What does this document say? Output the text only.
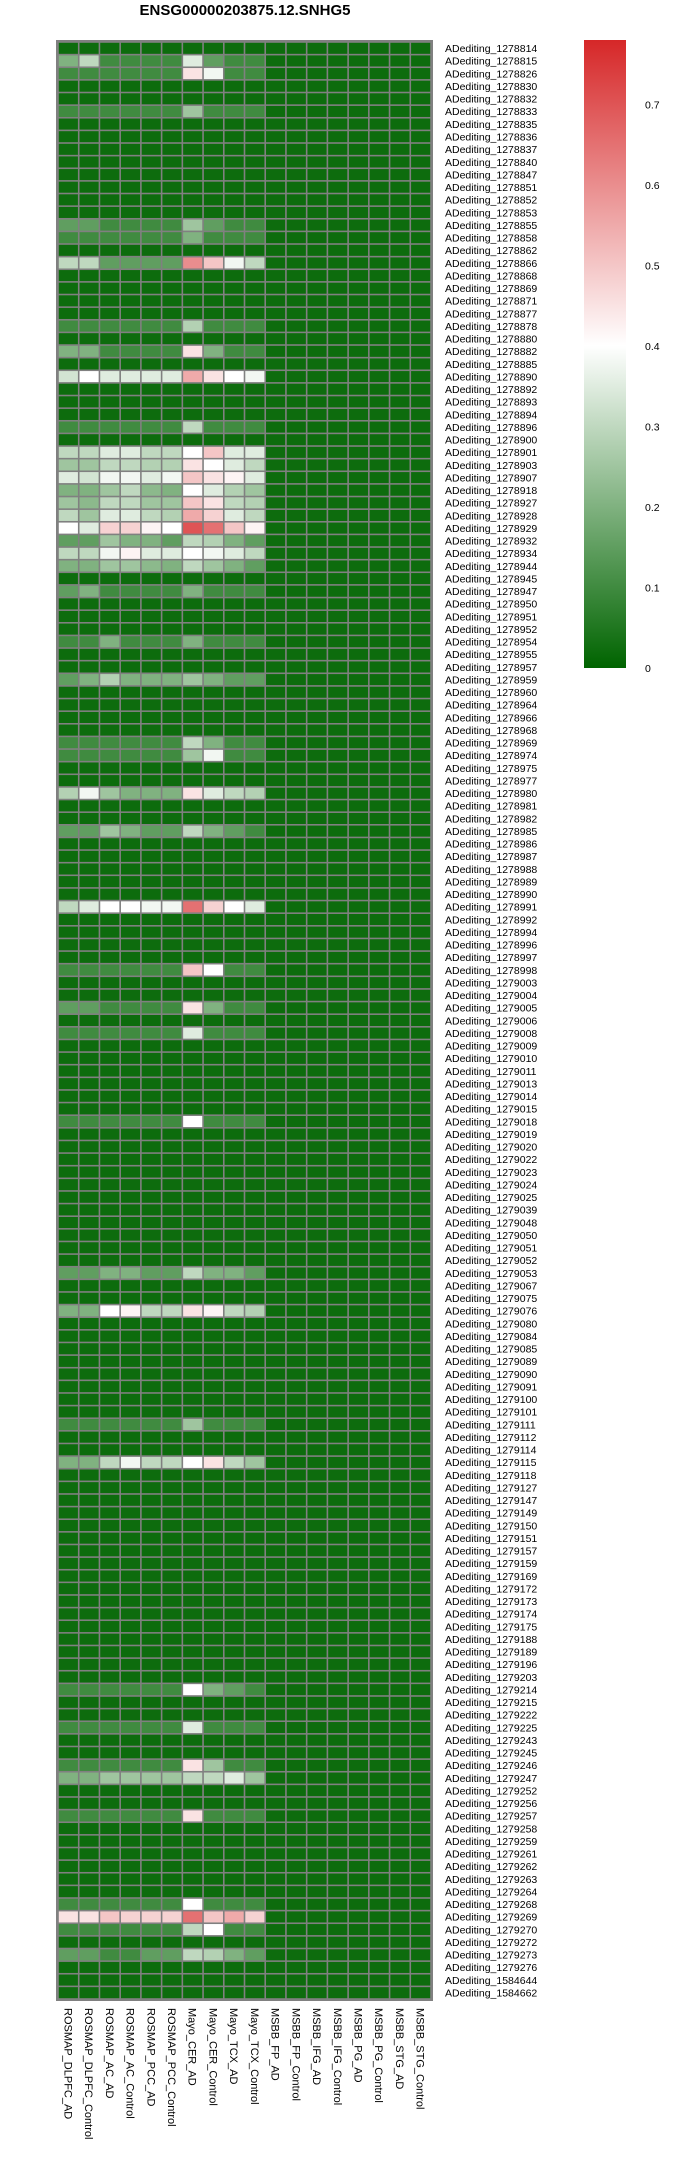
ENSG00000203875.12.SNHG5
ADediting_1278814
ADediting_1278815
ADediting_1278826
ADediting_1278830
ADediting_1278832
ADediting_1278833
ADediting_1278835
ADediting_1278836
ADediting_1278837
ADediting_1278840
ADediting_1278847
ADediting_1278851
ADediting_1278852
ADediting_1278853
ADediting_1278855
ADediting_1278858
ADediting_1278862
ADediting_1278866
ADediting_1278868
ADediting_1278869
ADediting_1278871
ADediting_1278877
ADediting_1278878
ADediting_1278880
ADediting_1278882
ADediting_1278885
ADediting_1278890
ADediting_1278892
ADediting_1278893
ADediting_1278894
ADediting_1278896
ADediting_1278900
ADediting_1278901
ADediting_1278903
ADediting_1278907
ADediting_1278918
ADediting_1278927
ADediting_1278928
ADediting_1278929
ADediting_1278932
ADediting_1278934
ADediting_1278944
ADediting_1278945
ADediting_1278947
ADediting_1278950
ADediting_1278951
ADediting_1278952
ADediting_1278954
ADediting_1278955
ADediting_1278957
ADediting_1278959
ADediting_1278960
ADediting_1278964
ADediting_1278966
ADediting_1278968
ADediting_1278969
ADediting_1278974
ADediting_1278975
ADediting_1278977
ADediting_1278980
ADediting_1278981
ADediting_1278982
ADediting_1278985
ADediting_1278986
ADediting_1278987
ADediting_1278988
ADediting_1278989
ADediting_1278990
ADediting_1278991
ADediting_1278992
ADediting_1278994
ADediting_1278996
ADediting_1278997
ADediting_1278998
ADediting_1279003
ADediting_1279004
ADediting_1279005
ADediting_1279006
ADediting_1279008
ADediting_1279009
ADediting_1279010
ADediting_1279011
ADediting_1279013
ADediting_1279014
ADediting_1279015
ADediting_1279018
ADediting_1279019
ADediting_1279020
ADediting_1279022
ADediting_1279023
ADediting_1279024
ADediting_1279025
ADediting_1279039
ADediting_1279048
ADediting_1279050
ADediting_1279051
ADediting_1279052
ADediting_1279053
ADediting_1279067
ADediting_1279075
ADediting_1279076
ADediting_1279080
ADediting_1279084
ADediting_1279085
ADediting_1279089
ADediting_1279090
ADediting_1279091
ADediting_1279100
ADediting_1279101
ADediting_1279111
ADediting_1279112
ADediting_1279114
ADediting_1279115
ADediting_1279118
ADediting_1279127
ADediting_1279147
ADediting_1279149
ADediting_1279150
ADediting_1279151
ADediting_1279157
ADediting_1279159
ADediting_1279169
ADediting_1279172
ADediting_1279173
ADediting_1279174
ADediting_1279175
ADediting_1279188
ADediting_1279189
ADediting_1279196
ADediting_1279203
ADediting_1279214
ADediting_1279215
ADediting_1279222
ADediting_1279225
ADediting_1279243
ADediting_1279245
ADediting_1279246
ADediting_1279247
ADediting_1279252
ADediting_1279256
ADediting_1279257
ADediting_1279258
ADediting_1279259
ADediting_1279261
ADediting_1279262
ADediting_1279263
ADediting_1279264
ADediting_1279268
ADediting_1279269
ADediting_1279270
ADediting_1279272
ADediting_1279273
ADediting_1279276
ADediting_1584644
ADediting_1584662
ROSMAP_DLPFC_AD ROSMAP_DLPFC_Control ROSMAP_AC_AD ROSMAP_AC_Control ROSMAP_PCC_AD ROSMAP_PCC_Control Mayo_CER_AD Mayo_CER_Control Mayo_TCX_AD Mayo_TCX_Control MSBB_FP_AD MSBB_FP_Control MSBB_IFG_AD MSBB_IFG_Control MSBB_PG_AD MSBB_PG_Control MSBB_STG_AD MSBB_STG_Control
0
0.1
0.2
0.3
0.4
0.5
0.6
0.7
